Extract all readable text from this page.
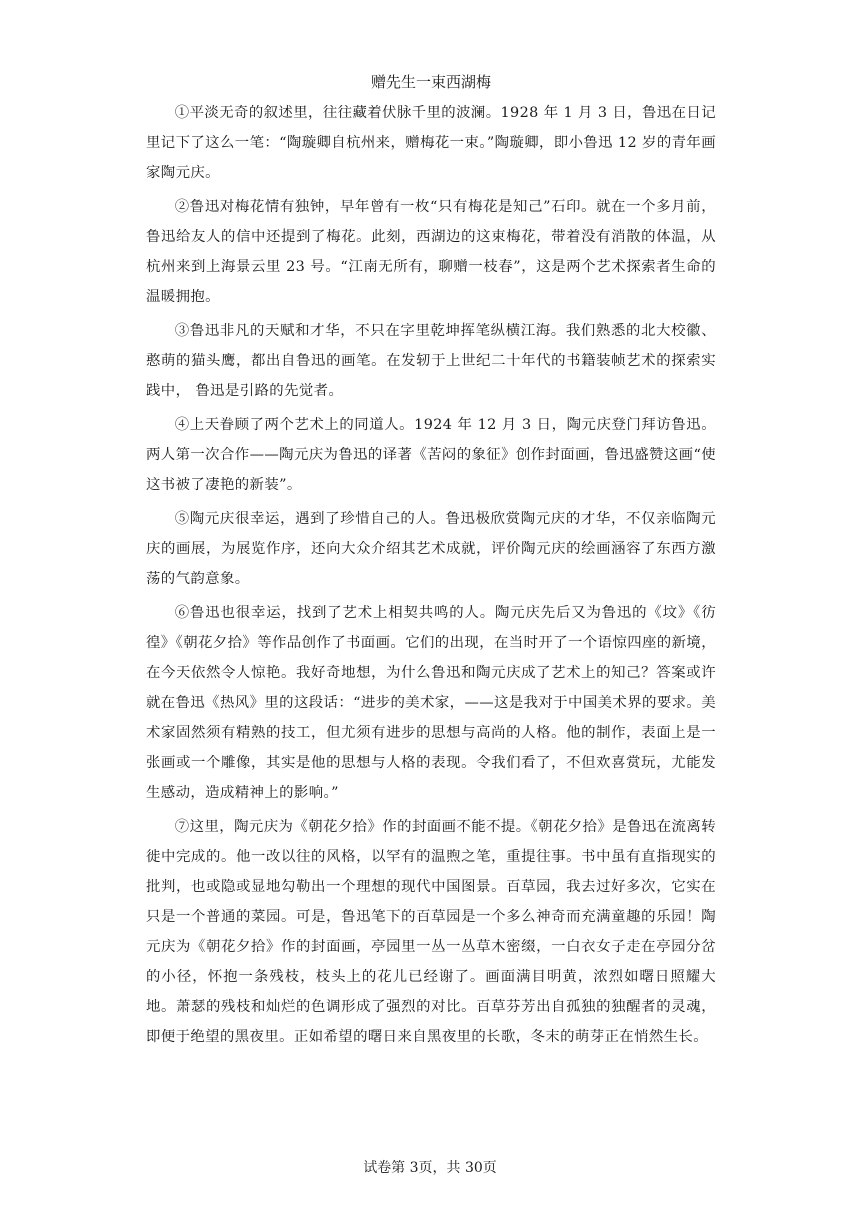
赠先生一束西湖梅

①平淡无奇的叙述里，往往藏着伏脉千里的波澜。1928 年 1 月 3 日，鲁迅在日记里记下了这么一笔：“陶璇卿自杭州来，赠梅花一束。”陶璇卿，即小鲁迅 12 岁的青年画家陶元庆。

②鲁迅对梅花情有独钟，早年曾有一枚“只有梅花是知己”石印。就在一个多月前，鲁迅给友人的信中还提到了梅花。此刻，西湖边的这束梅花，带着没有消散的体温，从杭州来到上海景云里 23 号。“江南无所有，聊赠一枝春”，这是两个艺术探索者生命的温暖拥抱。

③鲁迅非凡的天赋和才华，不只在字里乾坤挥笔纵横江海。我们熟悉的北大校徽、憨萌的猫头鹰，都出自鲁迅的画笔。在发轫于上世纪二十年代的书籍装帧艺术的探索实践中， 鲁迅是引路的先觉者。

④上天眷顾了两个艺术上的同道人。1924 年 12 月 3 日，陶元庆登门拜访鲁迅。两人第一次合作——陶元庆为鲁迅的译著《苦闷的象征》创作封面画，鲁迅盛赞这画“使这书被了凄艳的新装”。

⑤陶元庆很幸运，遇到了珍惜自己的人。鲁迅极欣赏陶元庆的才华，不仅亲临陶元庆的画展，为展览作序，还向大众介绍其艺术成就，评价陶元庆的绘画涵容了东西方激荡的气韵意象。

⑥鲁迅也很幸运，找到了艺术上相契共鸣的人。陶元庆先后又为鲁迅的《坟》《彷徨》《朝花夕拾》等作品创作了书面画。它们的出现，在当时开了一个语惊四座的新境，在今天依然令人惊艳。我好奇地想，为什么鲁迅和陶元庆成了艺术上的知己？答案或许就在鲁迅《热风》里的这段话：“进步的美术家，——这是我对于中国美术界的要求。美术家固然须有精熟的技工，但尤须有进步的思想与高尚的人格。他的制作，表面上是一张画或一个雕像，其实是他的思想与人格的表现。令我们看了，不但欢喜赏玩，尤能发生感动，造成精神上的影响。”

⑦这里，陶元庆为《朝花夕拾》作的封面画不能不提。《朝花夕拾》是鲁迅在流离转徙中完成的。他一改以往的风格，以罕有的温煦之笔，重提往事。书中虽有直指现实的批判，也或隐或显地勾勒出一个理想的现代中国图景。百草园，我去过好多次，它实在只是一个普通的菜园。可是，鲁迅笔下的百草园是一个多么神奇而充满童趣的乐园！陶元庆为《朝花夕拾》作的封面画，亭园里一丛一丛草木密缀，一白衣女子走在亭园分岔的小径，怀抱一条残枝，枝头上的花儿已经谢了。画面满目明黄，浓烈如曙日照耀大地。萧瑟的残枝和灿烂的色调形成了强烈的对比。百草芬芳出自孤独的独醒者的灵魂，即便于绝望的黑夜里。正如希望的曙日来自黑夜里的长歌，冬末的萌芽正在悄然生长。

试卷第 3页，共 30页
